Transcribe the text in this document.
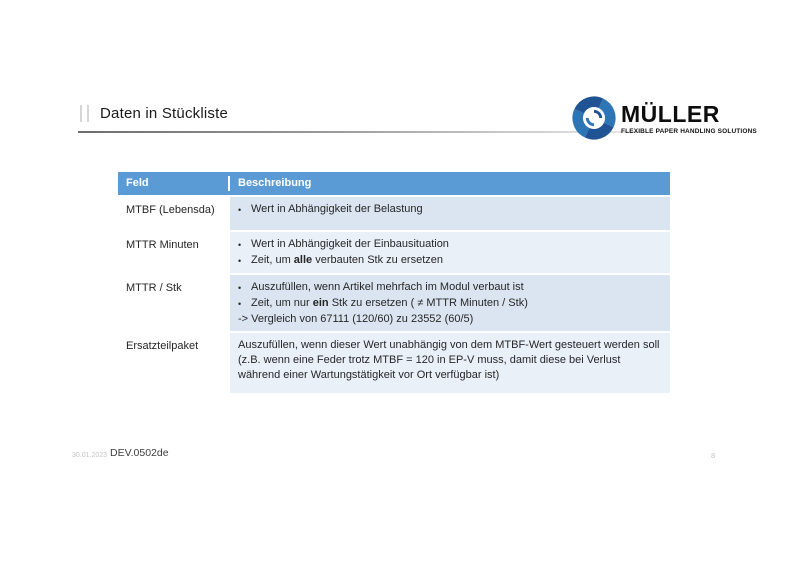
Daten in Stückliste	MÜLLER
FLEXIBLE PAPER HANDLING SOLUTIONS
Feld	Beschreibung
MTBF (Lebensda)	• Wert in Abhängigkeit der Belastung
MTTR Minuten	• Wert in Abhängigkeit der Einbausituation
• Zeit, um alle verbauten Stk zu ersetzen
MTTR / Stk	• Auszufüllen, wenn Artikel mehrfach im Modul verbaut ist
• Zeit, um nur ein Stk zu ersetzen ( ≠ MTTR Minuten / Stk)
-> Vergleich von 67111 (120/60) zu 23552 (60/5)
Ersatzteilpaket	Auszufüllen, wenn dieser Wert unabhängig von dem MTBF-Wert gesteuert werden soll (z.B. wenn eine Feder trotz MTBF = 120 in EP-V muss, damit diese bei Verlust während einer Wartungstätigkeit vor Ort verfügbar ist)
30.01.2023 DEV.0502de	8
